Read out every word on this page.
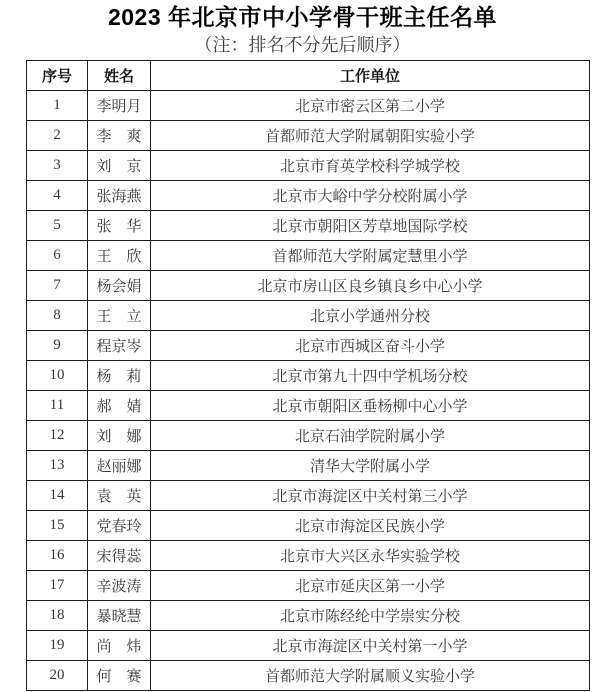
2023 年北京市中小学骨干班主任名单
（注：排名不分先后顺序）
序号	姓名	工作单位
1	李明月	北京市密云区第二小学
2	李　爽	首都师范大学附属朝阳实验小学
3	刘　京	北京市育英学校科学城学校
4	张海燕	北京市大峪中学分校附属小学
5	张　华	北京市朝阳区芳草地国际学校
6	王　欣	首都师范大学附属定慧里小学
7	杨会娟	北京市房山区良乡镇良乡中心小学
8	王　立	北京小学通州分校
9	程京岑	北京市西城区奋斗小学
10	杨　莉	北京市第九十四中学机场分校
11	郝　婧	北京市朝阳区垂杨柳中心小学
12	刘　娜	北京石油学院附属小学
13	赵丽娜	清华大学附属小学
14	袁　英	北京市海淀区中关村第三小学
15	党春玲	北京市海淀区民族小学
16	宋得蕊	北京市大兴区永华实验学校
17	辛波涛	北京市延庆区第一小学
18	暴晓慧	北京市陈经纶中学崇实分校
19	尚　炜	北京市海淀区中关村第一小学
20	何　赛	首都师范大学附属顺义实验小学
